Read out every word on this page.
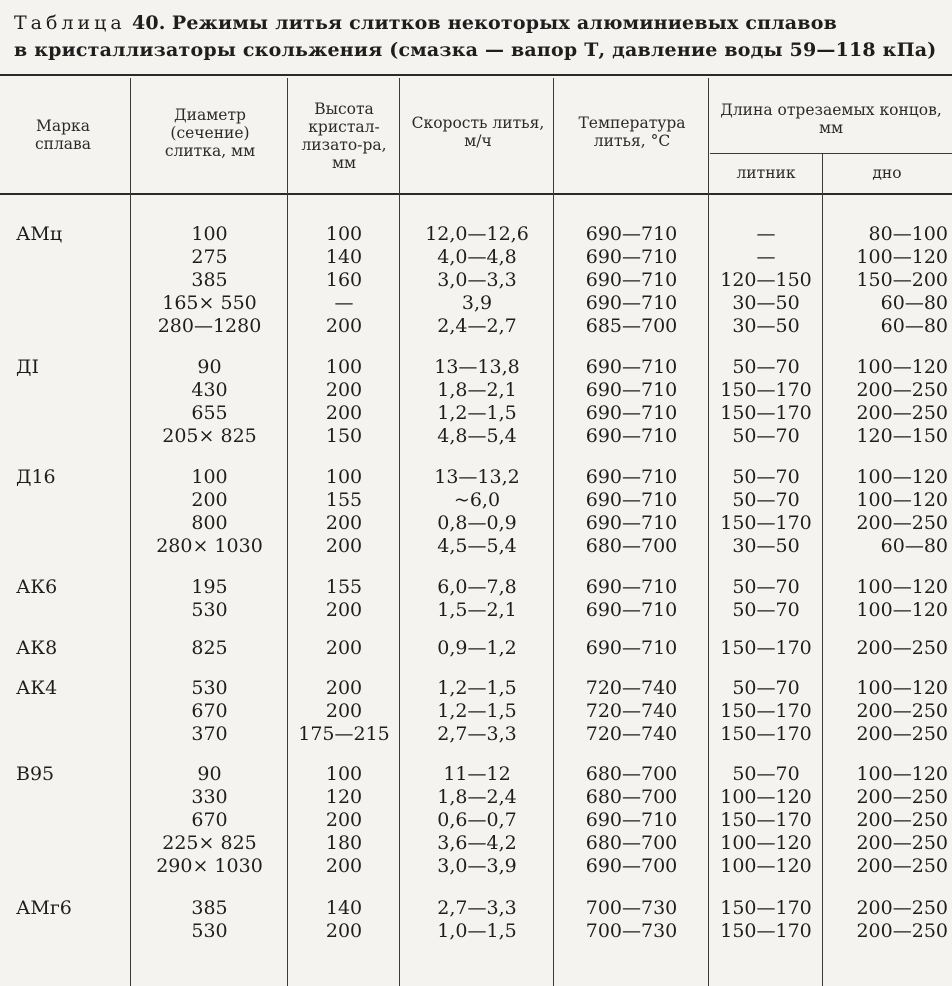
Таблица 40. Режимы литья слитков некоторых алюминиевых сплавов
в кристаллизаторы скольжения (смазка — вапор Т, давление воды 59—118 кПа)
Марка сплава
Диаметр (сечение) слитка, мм
Высота кристал-лизато-ра, мм
Скорость литья, м/ч
Температура литья, °С
Длина отрезаемых концов, мм
литник	дно
АМц	100	100	12,0—12,6	690—710	—	80—100
275	140	4,0—4,8	690—710	—	100—120
385	160	3,0—3,3	690—710	120—150	150—200
165× 550	—	3,9	690—710	30—50	60—80
280—1280	200	2,4—2,7	685—700	30—50	60—80
ДI	90	100	13—13,8	690—710	50—70	100—120
430	200	1,8—2,1	690—710	150—170	200—250
655	200	1,2—1,5	690—710	150—170	200—250
205× 825	150	4,8—5,4	690—710	50—70	120—150
Д16	100	100	13—13,2	690—710	50—70	100—120
200	155	~6,0	690—710	50—70	100—120
800	200	0,8—0,9	690—710	150—170	200—250
280× 1030	200	4,5—5,4	680—700	30—50	60—80
АК6	195	155	6,0—7,8	690—710	50—70	100—120
530	200	1,5—2,1	690—710	50—70	100—120
АК8	825	200	0,9—1,2	690—710	150—170	200—250
АК4	530	200	1,2—1,5	720—740	50—70	100—120
670	200	1,2—1,5	720—740	150—170	200—250
370	175—215	2,7—3,3	720—740	150—170	200—250
В95	90	100	11—12	680—700	50—70	100—120
330	120	1,8—2,4	680—700	100—120	200—250
670	200	0,6—0,7	690—710	150—170	200—250
225× 825	180	3,6—4,2	680—700	100—120	200—250
290× 1030	200	3,0—3,9	690—700	100—120	200—250
АМг6	385	140	2,7—3,3	700—730	150—170	200—250
530	200	1,0—1,5	700—730	150—170	200—250
